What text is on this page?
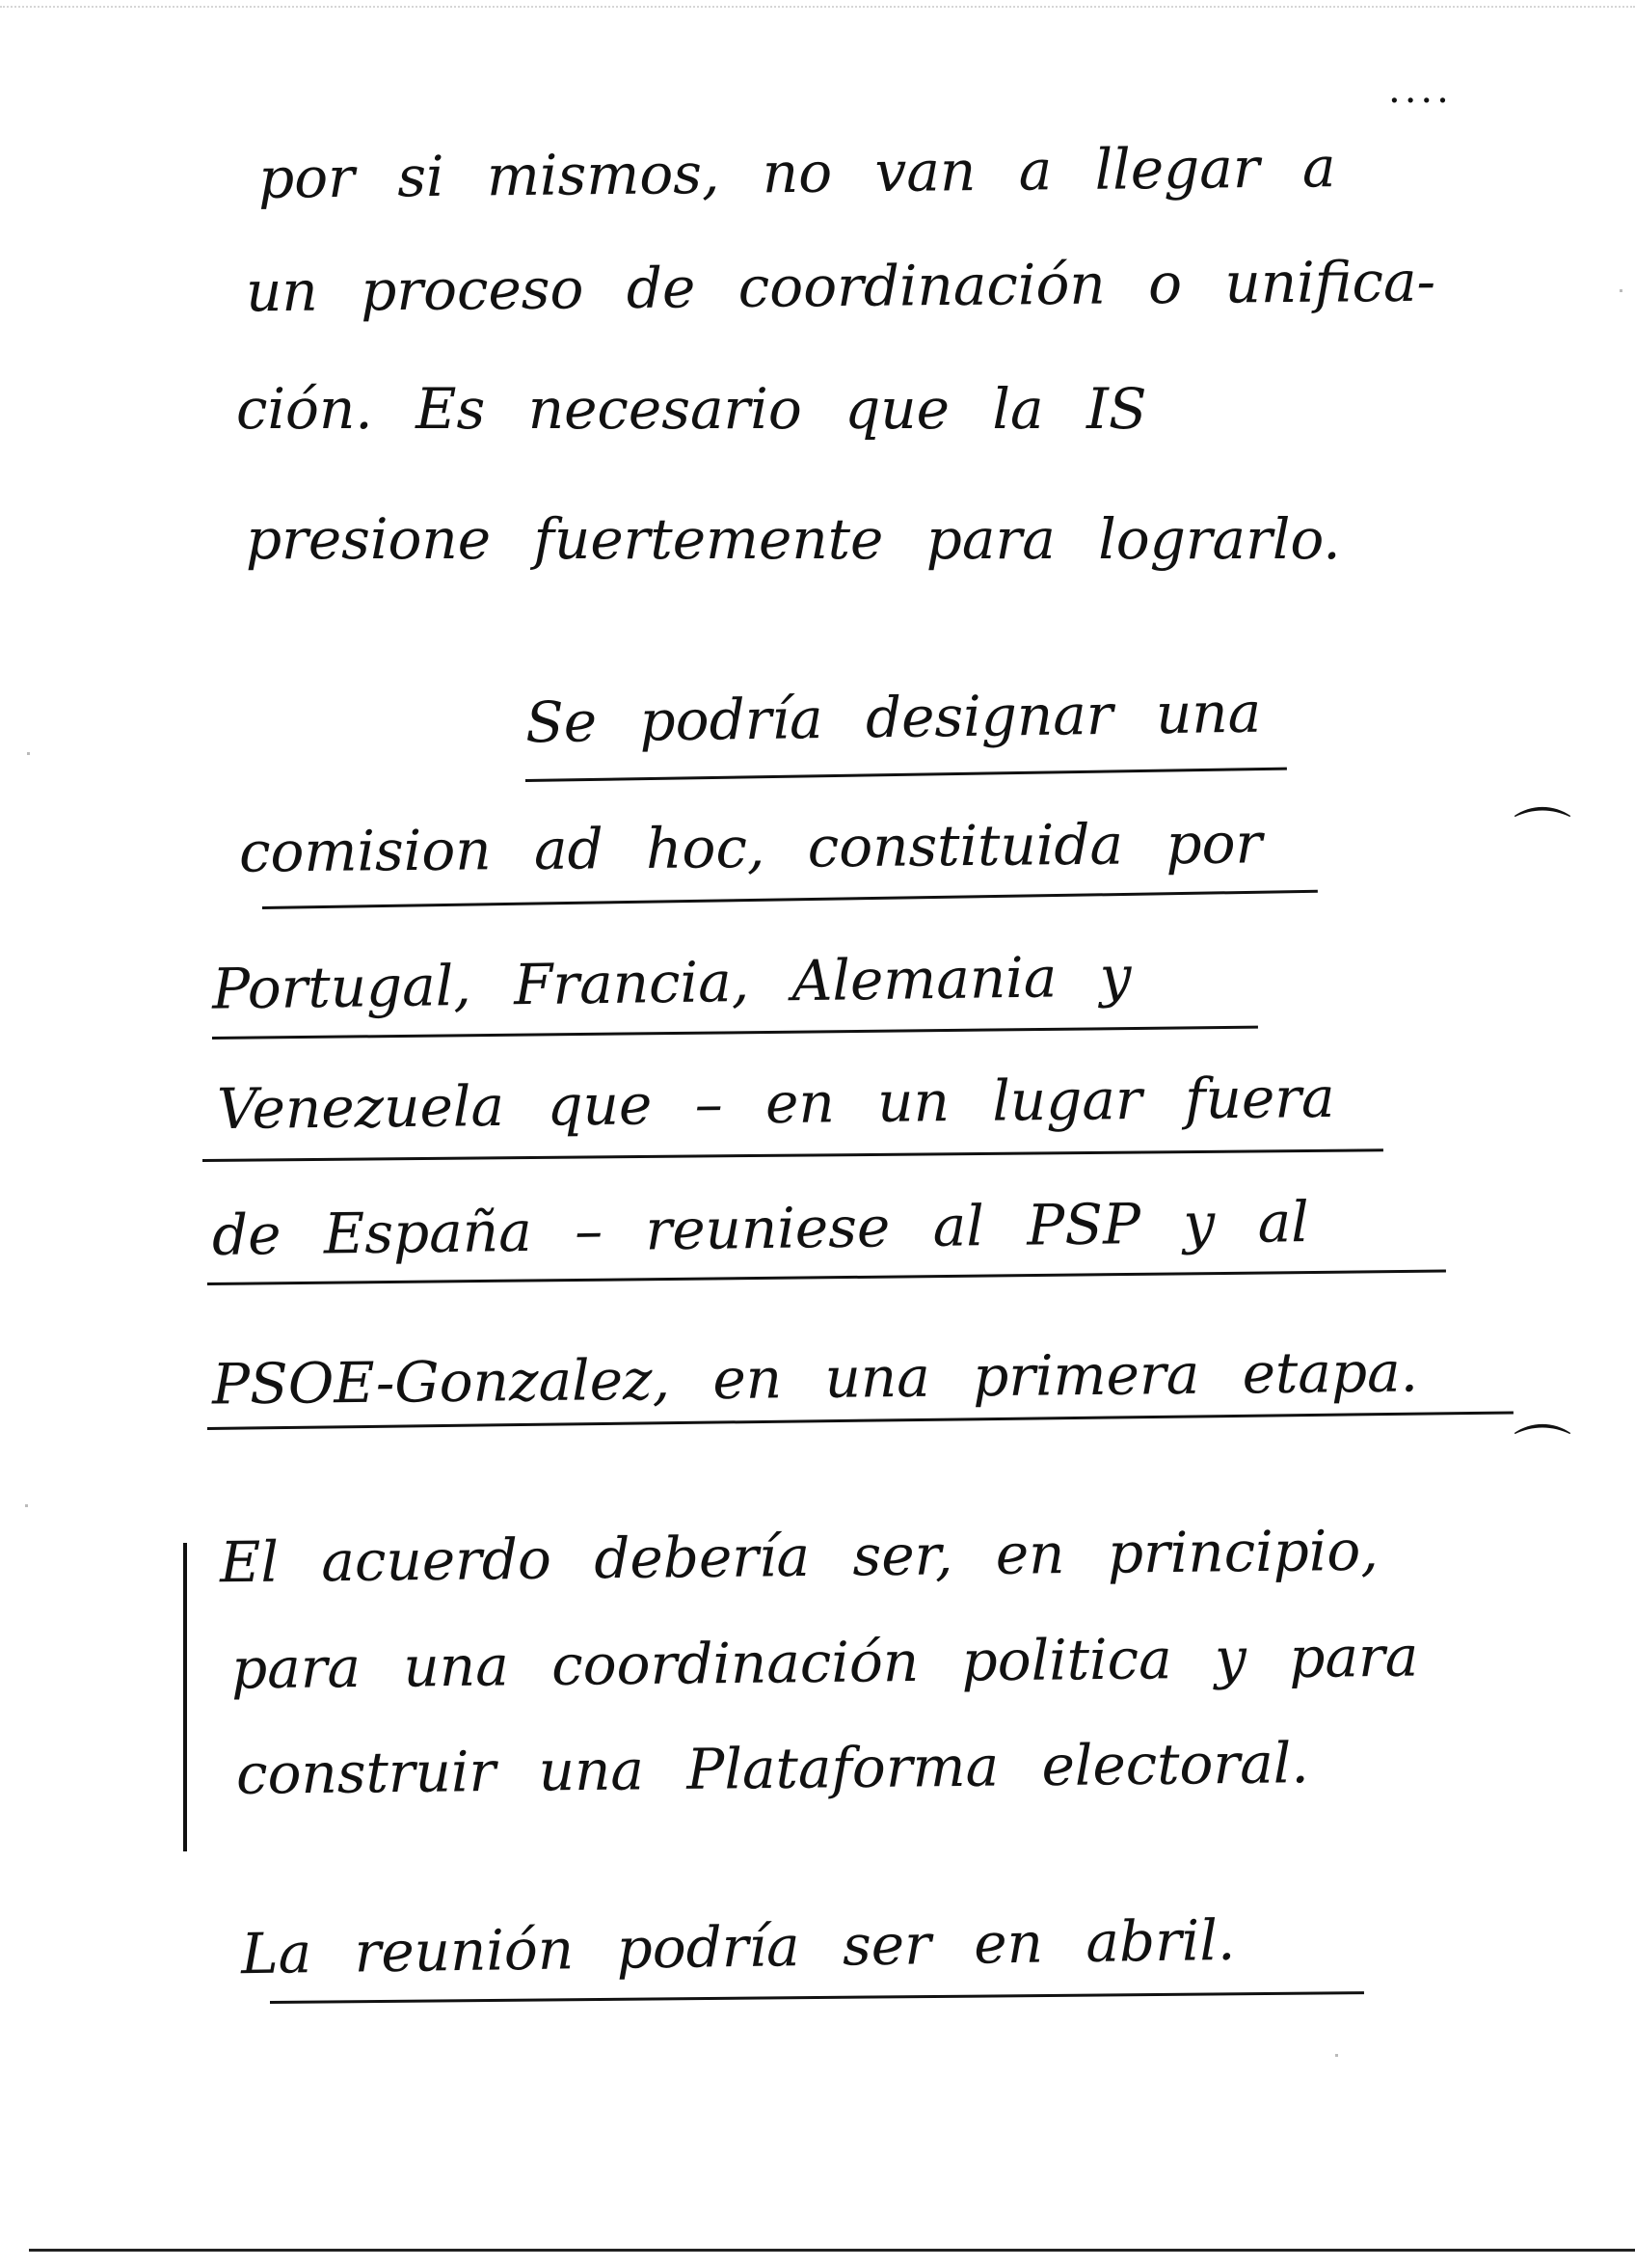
....
por si mismos, no van a llegar a
un proceso de coordinación o unifica-
ción. Es necesario que la IS
presione fuertemente para lograrlo.
Se podría designar una
comision ad hoc, constituida por	⌒
Portugal, Francia, Alemania y
Venezuela que – en un lugar fuera
de España – reuniese al PSP y al
PSOE-Gonzalez, en una primera etapa.
⌒
El acuerdo debería ser, en principio,
para una coordinación politica y para
construir una Plataforma electoral.
La reunión podría ser en abril.
